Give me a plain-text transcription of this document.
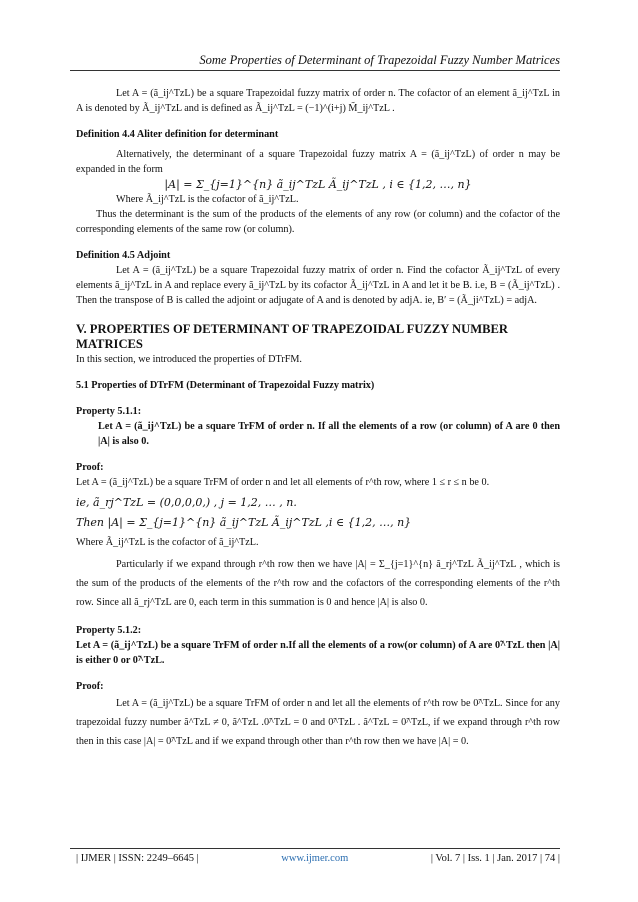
Some Properties of Determinant of Trapezoidal Fuzzy Number Matrices

Let A = (ã_ij^TzL) be a square Trapezoidal fuzzy matrix of order n. The cofactor of an element ã_ij^TzL in A is denoted by Ã_ij^TzL and is defined as Ã_ij^TzL = (−1)^(i+j) M̃_ij^TzL .

Definition 4.4 Aliter definition for determinant

Alternatively, the determinant of a square Trapezoidal fuzzy matrix A = (ã_ij^TzL) of order n may be expanded in the form

|A| = Σ_{j=1}^{n} ã_ij^TzL Ã_ij^TzL , i ∈ {1,2, …, n}

Where Ã_ij^TzL is the cofactor of ã_ij^TzL.

Thus the determinant is the sum of the products of the elements of any row (or column) and the cofactor of the corresponding elements of the same row (or column).

Definition 4.5 Adjoint

Let A = (ã_ij^TzL) be a square Trapezoidal fuzzy matrix of order n. Find the cofactor Ã_ij^TzL of every elements ã_ij^TzL in A and replace every ã_ij^TzL by its cofactor Ã_ij^TzL in A and let it be B. i.e, B = (Ã_ij^TzL) . Then the transpose of B is called the adjoint or adjugate of A and is denoted by adjA. ie, B′ = (Ã_ji^TzL) = adjA.

V. PROPERTIES OF DETERMINANT OF TRAPEZOIDAL FUZZY NUMBER MATRICES

In this section, we introduced the properties of DTrFM.

5.1 Properties of DTrFM (Determinant of Trapezoidal Fuzzy matrix)

Property 5.1.1:

Let A = (ã_ij^TzL) be a square TrFM of order n. If all the elements of a row (or column) of A are 0 then |A| is also 0.

Proof:

Let A = (ã_ij^TzL) be a square TrFM of order n and let all elements of r^th row, where 1 ≤ r ≤ n be 0.

ie, ã_rj^TzL = (0,0,0,0,) , j = 1,2, … , n.

Then |A| = Σ_{j=1}^{n} ã_ij^TzL Ã_ij^TzL ,i ∈ {1,2, …, n}

Where Ã_ij^TzL is the cofactor of ã_ij^TzL.

Particularly if we expand through r^th row then we have |A| = Σ_{j=1}^{n} ã_rj^TzL Ã_ij^TzL , which is the sum of the products of the elements of the r^th row and the cofactors of the corresponding elements of the r^th row. Since all ã_rj^TzL are 0, each term in this summation is 0 and hence |A| is also 0.

Property 5.1.2:

Let A = (ã_ij^TzL) be a square TrFM of order n.If all the elements of a row(or column) of A are 0̃^TzL then |A| is either 0 or 0̃^TzL.

Proof:

Let A = (ã_ij^TzL) be a square TrFM of order n and let all the elements of r^th row be 0̃^TzL. Since for any trapezoidal fuzzy number ã^TzL ≠ 0, ã^TzL .0̃^TzL = 0 and 0̃^TzL . ã^TzL = 0̃^TzL, if we expand through r^th row then in this case |A| = 0̃^TzL and if we expand through other than r^th row then we have |A| = 0.

| IJMER | ISSN: 2249–6645 |	www.ijmer.com	| Vol. 7 | Iss. 1 | Jan. 2017 | 74 |
